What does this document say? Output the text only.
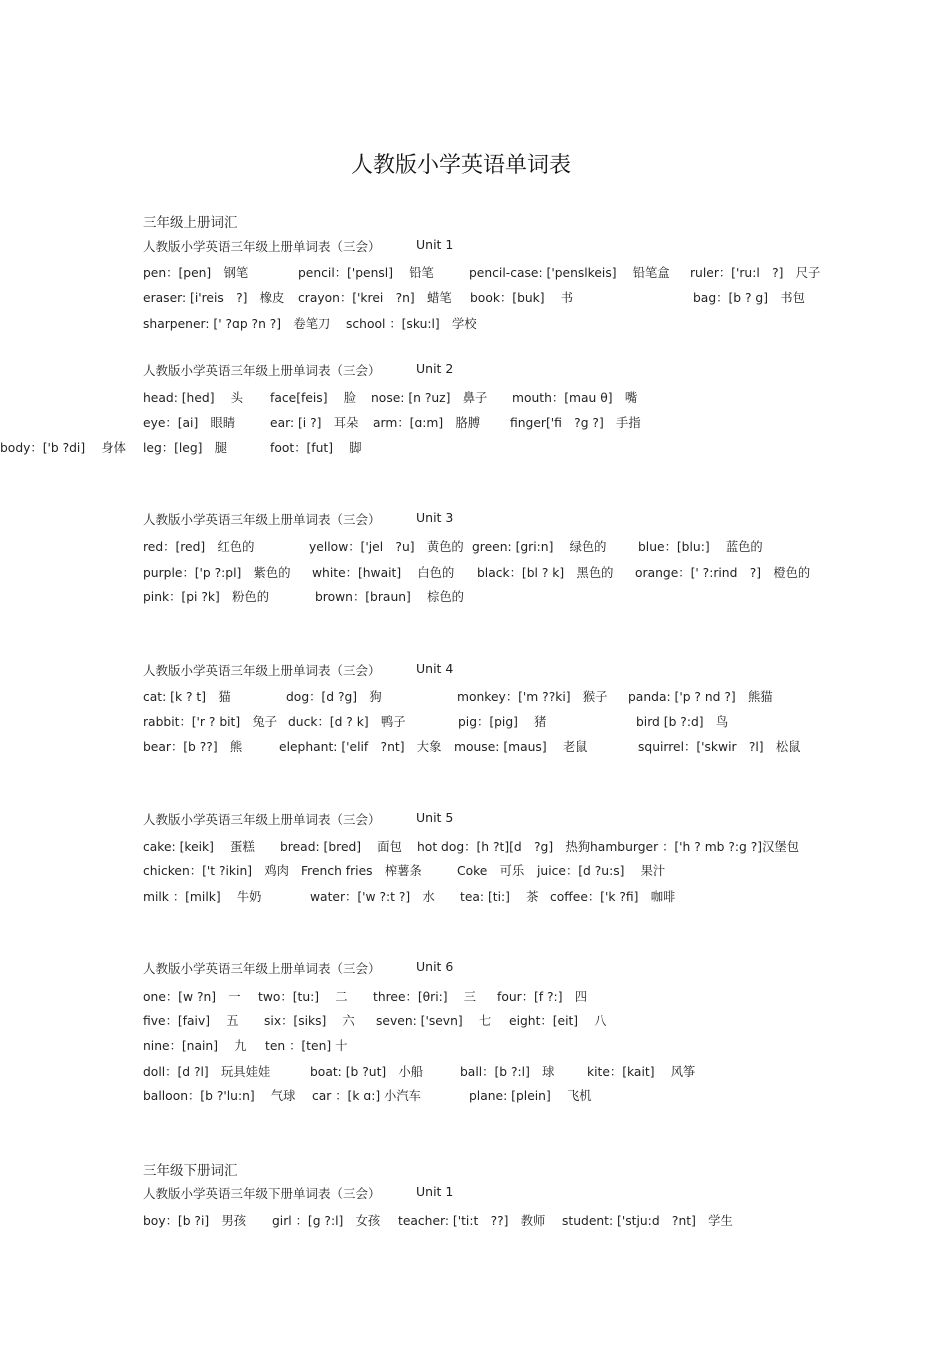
人教版小学英语单词表
三年级上册词汇
三年级下册词汇
人教版小学英语三年级上册单词表（三会）	Unit 1
pen：[pen]　钢笔	pencil：['pensl]　 铅笔	pencil-case: ['penslkeis]　 铅笔盒 ruler：['ru:l　?]　尺子
eraser: [i'reis　?]　橡皮 crayon：['krei　?n]　蜡笔 book：[buk]　 书	bag：[b ? g]　书包
sharpener: [' ?ɑp ?n ?]　卷笔刀 school ：[sku:l]　学校
人教版小学英语三年级上册单词表（三会）	Unit 2
head: [hed]　 头 face[feis]　 脸 nose: [n ?uz]　鼻子 mouth：[mau θ]　嘴
eye：[ai]　眼睛	ear: [i ?]　耳朵 arm：[ɑ:m]　胳膊 finger['fi　?g ?]　手指
leg：[leg]　腿	foot：[fut]　 脚
body：['b ?di]　 身体
人教版小学英语三年级上册单词表（三会）	Unit 3
red：[red]　红色的	yellow：['jel　?u]　黄色的 green: [gri:n]　 绿色的	blue：[blu:]　 蓝色的
purple：['p ?:pl]　紫色的 white：[hwait]　 白色的 black：[bl ? k]　黑色的 orange：[' ?:rind　?]　橙色的
pink：[pi ?k]　粉色的	brown：[braun]　 棕色的
人教版小学英语三年级上册单词表（三会）	Unit 4
cat: [k ? t]　猫	dog：[d ?g]　狗	monkey：['m ??ki]　猴子 panda: ['p ? nd ?]　熊猫
rabbit：['r ? bit]　兔子 duck：[d ? k]　鸭子	pig：[pig]　 猪	bird [b ?:d]　鸟
bear：[b ??]　熊	elephant: ['elif　?nt]　大象 mouse: [maus]　 老鼠	squirrel：['skwir　?l]　松鼠
人教版小学英语三年级上册单词表（三会）	Unit 5
cake: [keik]　 蛋糕 bread: [bred]　 面包 hot dog：[h ?t][d　?g]　热狗 hamburger ：['h ? mb ?:g ?]汉堡包
chicken：['t ?ikin]　鸡肉 French fries　榨薯条	Coke　可乐 juice：[d ?u:s]　 果汁
milk ：[milk]　 牛奶	water：['w ?:t ?]　水 tea: [ti:]　 茶 coffee：['k ?fi]　咖啡
人教版小学英语三年级上册单词表（三会）	Unit 6
one：[w ?n]　一 two：[tu:]　 二 three：[θri:]　 三 four：[f ?:]　四
five：[faiv]　 五 six：[siks]　 六 seven: ['sevn]　 七 eight：[eit]　 八
nine：[nain]　 九 ten ：[ten] 十
doll：[d ?l]　玩具娃娃	boat: [b ?ut]　小船	ball：[b ?:l]　球	kite：[kait]　 风筝
balloon：[b ?'lu:n]　 气球 car ：[k ɑ:] 小汽车	plane: [plein]　 飞机
人教版小学英语三年级下册单词表（三会）	Unit 1
boy：[b ?i]　男孩 girl ：[g ?:l]　女孩 teacher: ['ti:t　??]　教师 student: ['stju:d　?nt]　学生
